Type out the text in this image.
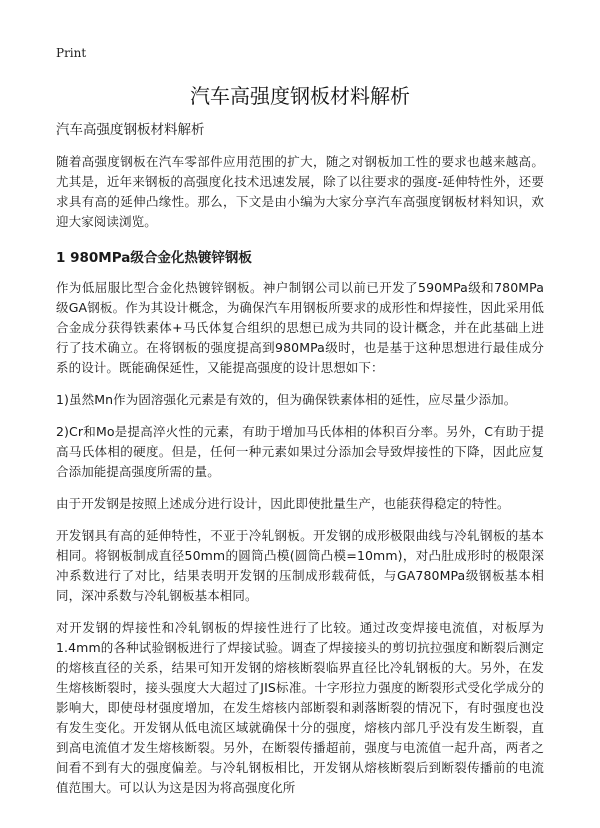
Print
汽车高强度钢板材料解析
汽车高强度钢板材料解析

随着高强度钢板在汽车零部件应用范围的扩大，随之对钢板加工性的要求也越来越高。尤其是，近年来钢板的高强度化技术迅速发展，除了以往要求的强度-延伸特性外，还要求具有高的延伸凸缘性。那么，下文是由小编为大家分享汽车高强度钢板材料知识，欢迎大家阅读浏览。

1 980MPa级合金化热镀锌钢板

作为低屈服比型合金化热镀锌钢板。神户制钢公司以前已开发了590MPa级和780MPa级GA钢板。作为其设计概念，为确保汽车用钢板所要求的成形性和焊接性，因此采用低合金成分获得铁素体+马氏体复合组织的思想已成为共同的设计概念，并在此基础上进行了技术确立。在将钢板的强度提高到980MPa级时，也是基于这种思想进行最佳成分系的设计。既能确保延性，又能提高强度的设计思想如下：

1)虽然Mn作为固溶强化元素是有效的，但为确保铁素体相的延性，应尽量少添加。

2)Cr和Mo是提高淬火性的元素，有助于增加马氏体相的体积百分率。另外，C有助于提高马氏体相的硬度。但是，任何一种元素如果过分添加会导致焊接性的下降，因此应复合添加能提高强度所需的量。

由于开发钢是按照上述成分进行设计，因此即使批量生产，也能获得稳定的特性。

开发钢具有高的延伸特性，不亚于冷轧钢板。开发钢的成形极限曲线与冷轧钢板的基本相同。将钢板制成直径50mm的圆筒凸模(圆筒凸模=10mm)，对凸肚成形时的极限深冲系数进行了对比，结果表明开发钢的压制成形载荷低，与GA780MPa级钢板基本相同，深冲系数与冷轧钢板基本相同。

对开发钢的焊接性和冷轧钢板的焊接性进行了比较。通过改变焊接电流值，对板厚为1.4mm的各种试验钢板进行了焊接试验。调查了焊接接头的剪切抗拉强度和断裂后测定的熔核直径的关系，结果可知开发钢的熔核断裂临界直径比冷轧钢板的大。另外，在发生熔核断裂时，接头强度大大超过了JIS标准。十字形拉力强度的断裂形式受化学成分的影响大，即使母材强度增加，在发生熔核内部断裂和剥落断裂的情况下，有时强度也没有发生变化。开发钢从低电流区域就确保十分的强度，熔核内部几乎没有发生断裂，直到高电流值才发生熔核断裂。另外，在断裂传播超前，强度与电流值一起升高，两者之间看不到有大的强度偏差。与冷轧钢板相比，开发钢从熔核断裂后到断裂传播前的电流值范围大。可以认为这是因为将高强度化所
